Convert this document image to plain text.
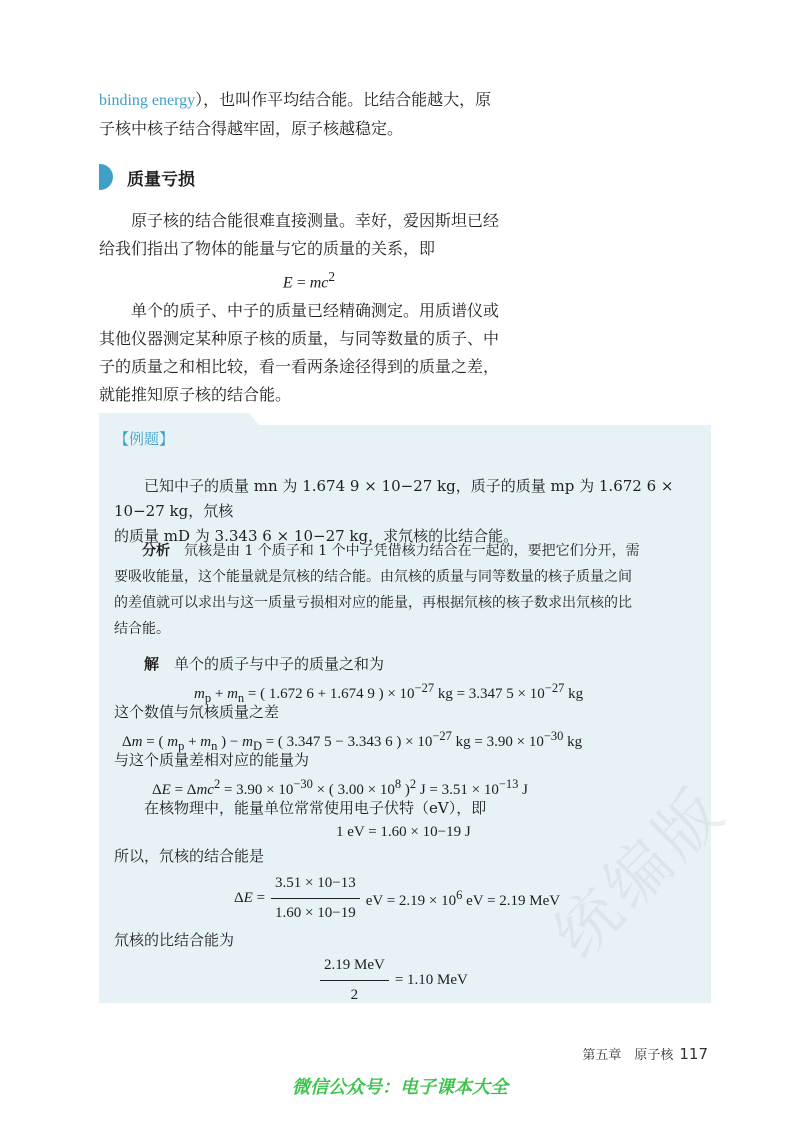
binding energy），也叫作平均结合能。比结合能越大，原

子核中核子结合得越牢固，原子核越稳定。

质量亏损

原子核的结合能很难直接测量。幸好，爱因斯坦已经

给我们指出了物体的能量与它的质量的关系，即

$E = mc^2$

单个的质子、中子的质量已经精确测定。用质谱仪或

其他仪器测定某种原子核的质量，与同等数量的质子、中

子的质量之和相比较，看一看两条途径得到的质量之差，

就能推知原子核的结合能。

【例题】

已知中子的质量 mn 为 1.674 9 × 10−27 kg，质子的质量 mp 为 1.672 6 × 10−27 kg，氘核

的质量 mD 为 3.343 6 × 10−27 kg，求氘核的比结合能。

分析　 氘核是由 1 个质子和 1 个中子凭借核力结合在一起的，要把它们分开，需

要吸收能量，这个能量就是氘核的结合能。由氘核的质量与同等数量的核子质量之间

的差值就可以求出与这一质量亏损相对应的能量，再根据氘核的核子数求出氘核的比

结合能。

解　 单个的质子与中子的质量之和为
$m_p + m_n$ = ( 1.672 6 + 1.674 9 ) × $10^{-27}$ kg = 3.347 $5 \times 10^{-27}$ kg
这个数值与氘核质量之差
Δm = ( $m_p + m_n$ ) − $m_D$ = ( 3.347 5 − 3.343 6 ) × $10^{-27}$ kg = $3.90 \times 10^{-30}$ kg
与这个质量差相对应的能量为
$\Delta E = \Delta mc^2 = 3.90 \times 10^{-30}$ × ( $3.00 \times 10^8$ )$^2$ $J = 3.51 \times 10^{-13}$ J
在核物理中，能量单位常常使用电子伏特（eV），即
1 eV = 1.60 × 10−19 J
所以，氘核的结合能是
$\Delta E = \frac{3.51 \times 10-13}{1.60 \times 10-19}$ eV = $2.19 \times 10^6$ eV = 2.19 MeV
氘核的比结合能为
$\frac{\text{2.19 MeV}}{2} = 1.10$ MeV
统编版
第五章　原子核 117
微信公众号：电子课本大全
